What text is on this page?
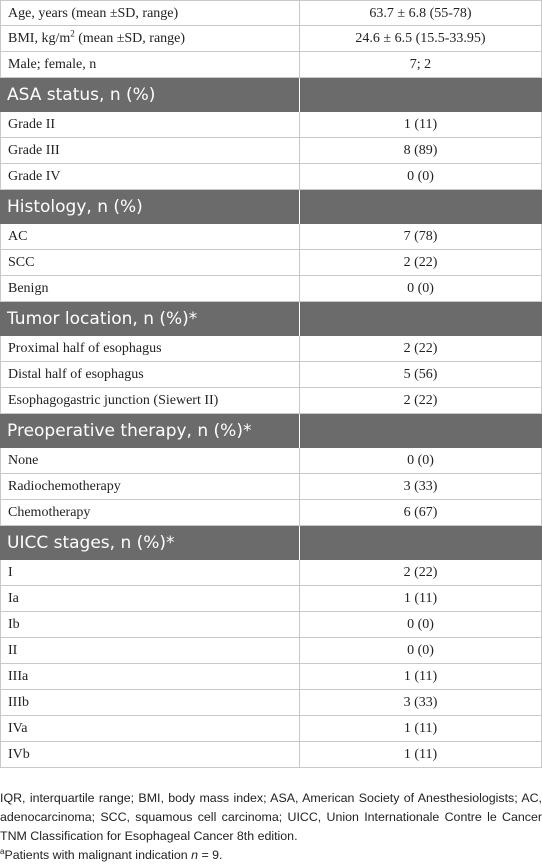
Age, years (mean ±SD, range)	63.7 ± 6.8 (55-78)
BMI, $kg/m^2$ (mean ±SD, range)	24.6 ± 6.5 (15.5-33.95)
Male; female, n	7; 2
ASA status, n (%)
Grade II	1 (11)
Grade III	8 (89)
Grade IV	0 (0)
Histology, n (%)
AC	7 (78)
SCC	2 (22)
Benign	0 (0)
Tumor location, n (%)*
Proximal half of esophagus	2 (22)
Distal half of esophagus	5 (56)
Esophagogastric junction (Siewert II)	2 (22)
Preoperative therapy, n (%)*
None	0 (0)
Radiochemotherapy	3 (33)
Chemotherapy	6 (67)
UICC stages, n (%)*
I	2 (22)
Ia	1 (11)
Ib	0 (0)
II	0 (0)
IIIa	1 (11)
IIIb	3 (33)
IVa	1 (11)
IVb	1 (11)

IQR, interquartile range; BMI, body mass index; ASA, American Society of Anesthesiologists; AC, adenocarcinoma; SCC, squamous cell carcinoma; UICC, Union Internationale Contre le Cancer TNM Classification for Esophageal Cancer 8th edition.

$^a$Patients with malignant indication n = 9.
